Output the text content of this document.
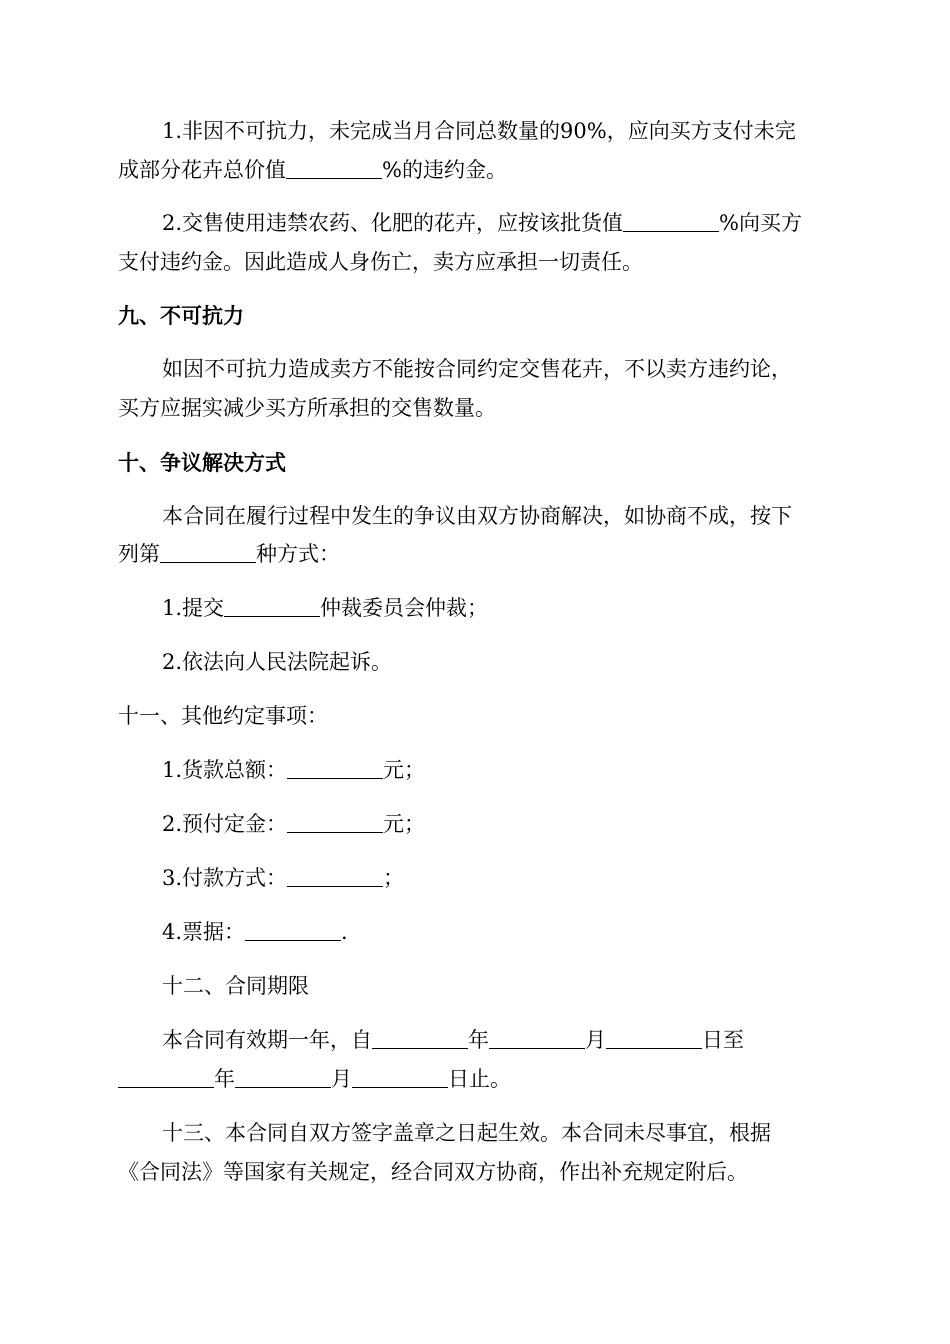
1.非因不可抗力，未完成当月合同总数量的90%，应向买方支付未完
成部分花卉总价值	%的违约金。
2.交售使用违禁农药、化肥的花卉，应按该批货值	%向买方
支付违约金。因此造成人身伤亡，卖方应承担一切责任。
九、不可抗力
如因不可抗力造成卖方不能按合同约定交售花卉，不以卖方违约论，
买方应据实减少买方所承担的交售数量。
十、争议解决方式
本合同在履行过程中发生的争议由双方协商解决，如协商不成，按下
列第	种方式：
1.提交	仲裁委员会仲裁；
2.依法向人民法院起诉。
十一、其他约定事项：
1.货款总额：	元；
2.预付定金：	元；
3.付款方式：	；
4.票据：	.
十二、合同期限
本合同有效期一年，自	年	月	日至
年	月	日止。
十三、本合同自双方签字盖章之日起生效。本合同未尽事宜，根据
《合同法》等国家有关规定，经合同双方协商，作出补充规定附后。
